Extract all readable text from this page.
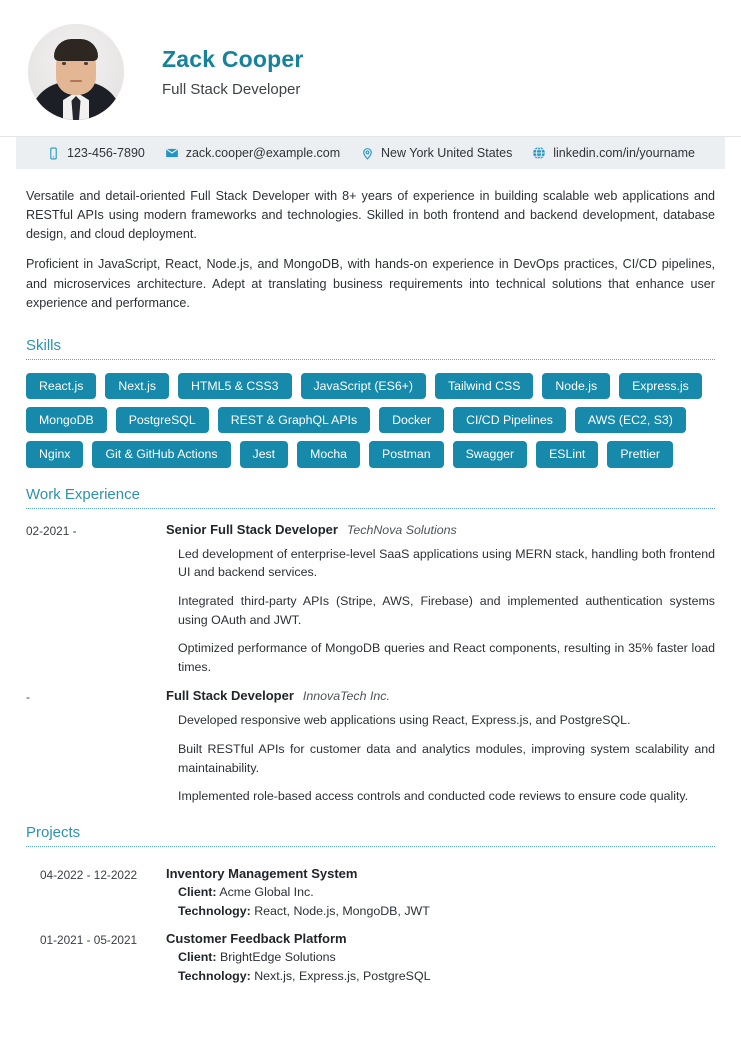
Zack Cooper
Full Stack Developer
123-456-7890	zack.cooper@example.com	New York United States	linkedin.com/in/yourname

Versatile and detail-oriented Full Stack Developer with 8+ years of experience in building scalable web applications and RESTful APIs using modern frameworks and technologies. Skilled in both frontend and backend development, database design, and cloud deployment.

Proficient in JavaScript, React, Node.js, and MongoDB, with hands-on experience in DevOps practices, CI/CD pipelines, and microservices architecture. Adept at translating business requirements into technical solutions that enhance user experience and performance.

Skills
React.js	Next.js	HTML5 & CSS3	JavaScript (ES6+)	Tailwind CSS	Node.js	Express.js
MongoDB	PostgreSQL	REST & GraphQL APIs	Docker	CI/CD Pipelines	AWS (EC2, S3)
Nginx	Git & GitHub Actions	Jest	Mocha	Postman	Swagger	ESLint	Prettier
Work Experience
02-2021 -	Senior Full Stack Developer TechNova Solutions
Led development of enterprise-level SaaS applications using MERN stack, handling both frontend UI and backend services.
Integrated third-party APIs (Stripe, AWS, Firebase) and implemented authentication systems using OAuth and JWT.
Optimized performance of MongoDB queries and React components, resulting in 35% faster load times.
-	Full Stack Developer InnovaTech Inc.
Developed responsive web applications using React, Express.js, and PostgreSQL.
Built RESTful APIs for customer data and analytics modules, improving system scalability and maintainability.
Implemented role-based access controls and conducted code reviews to ensure code quality.
Projects
04-2022 - 12-2022	Inventory Management System
Client: Acme Global Inc.
Technology: React, Node.js, MongoDB, JWT
01-2021 - 05-2021	Customer Feedback Platform
Client: BrightEdge Solutions
Technology: Next.js, Express.js, PostgreSQL
